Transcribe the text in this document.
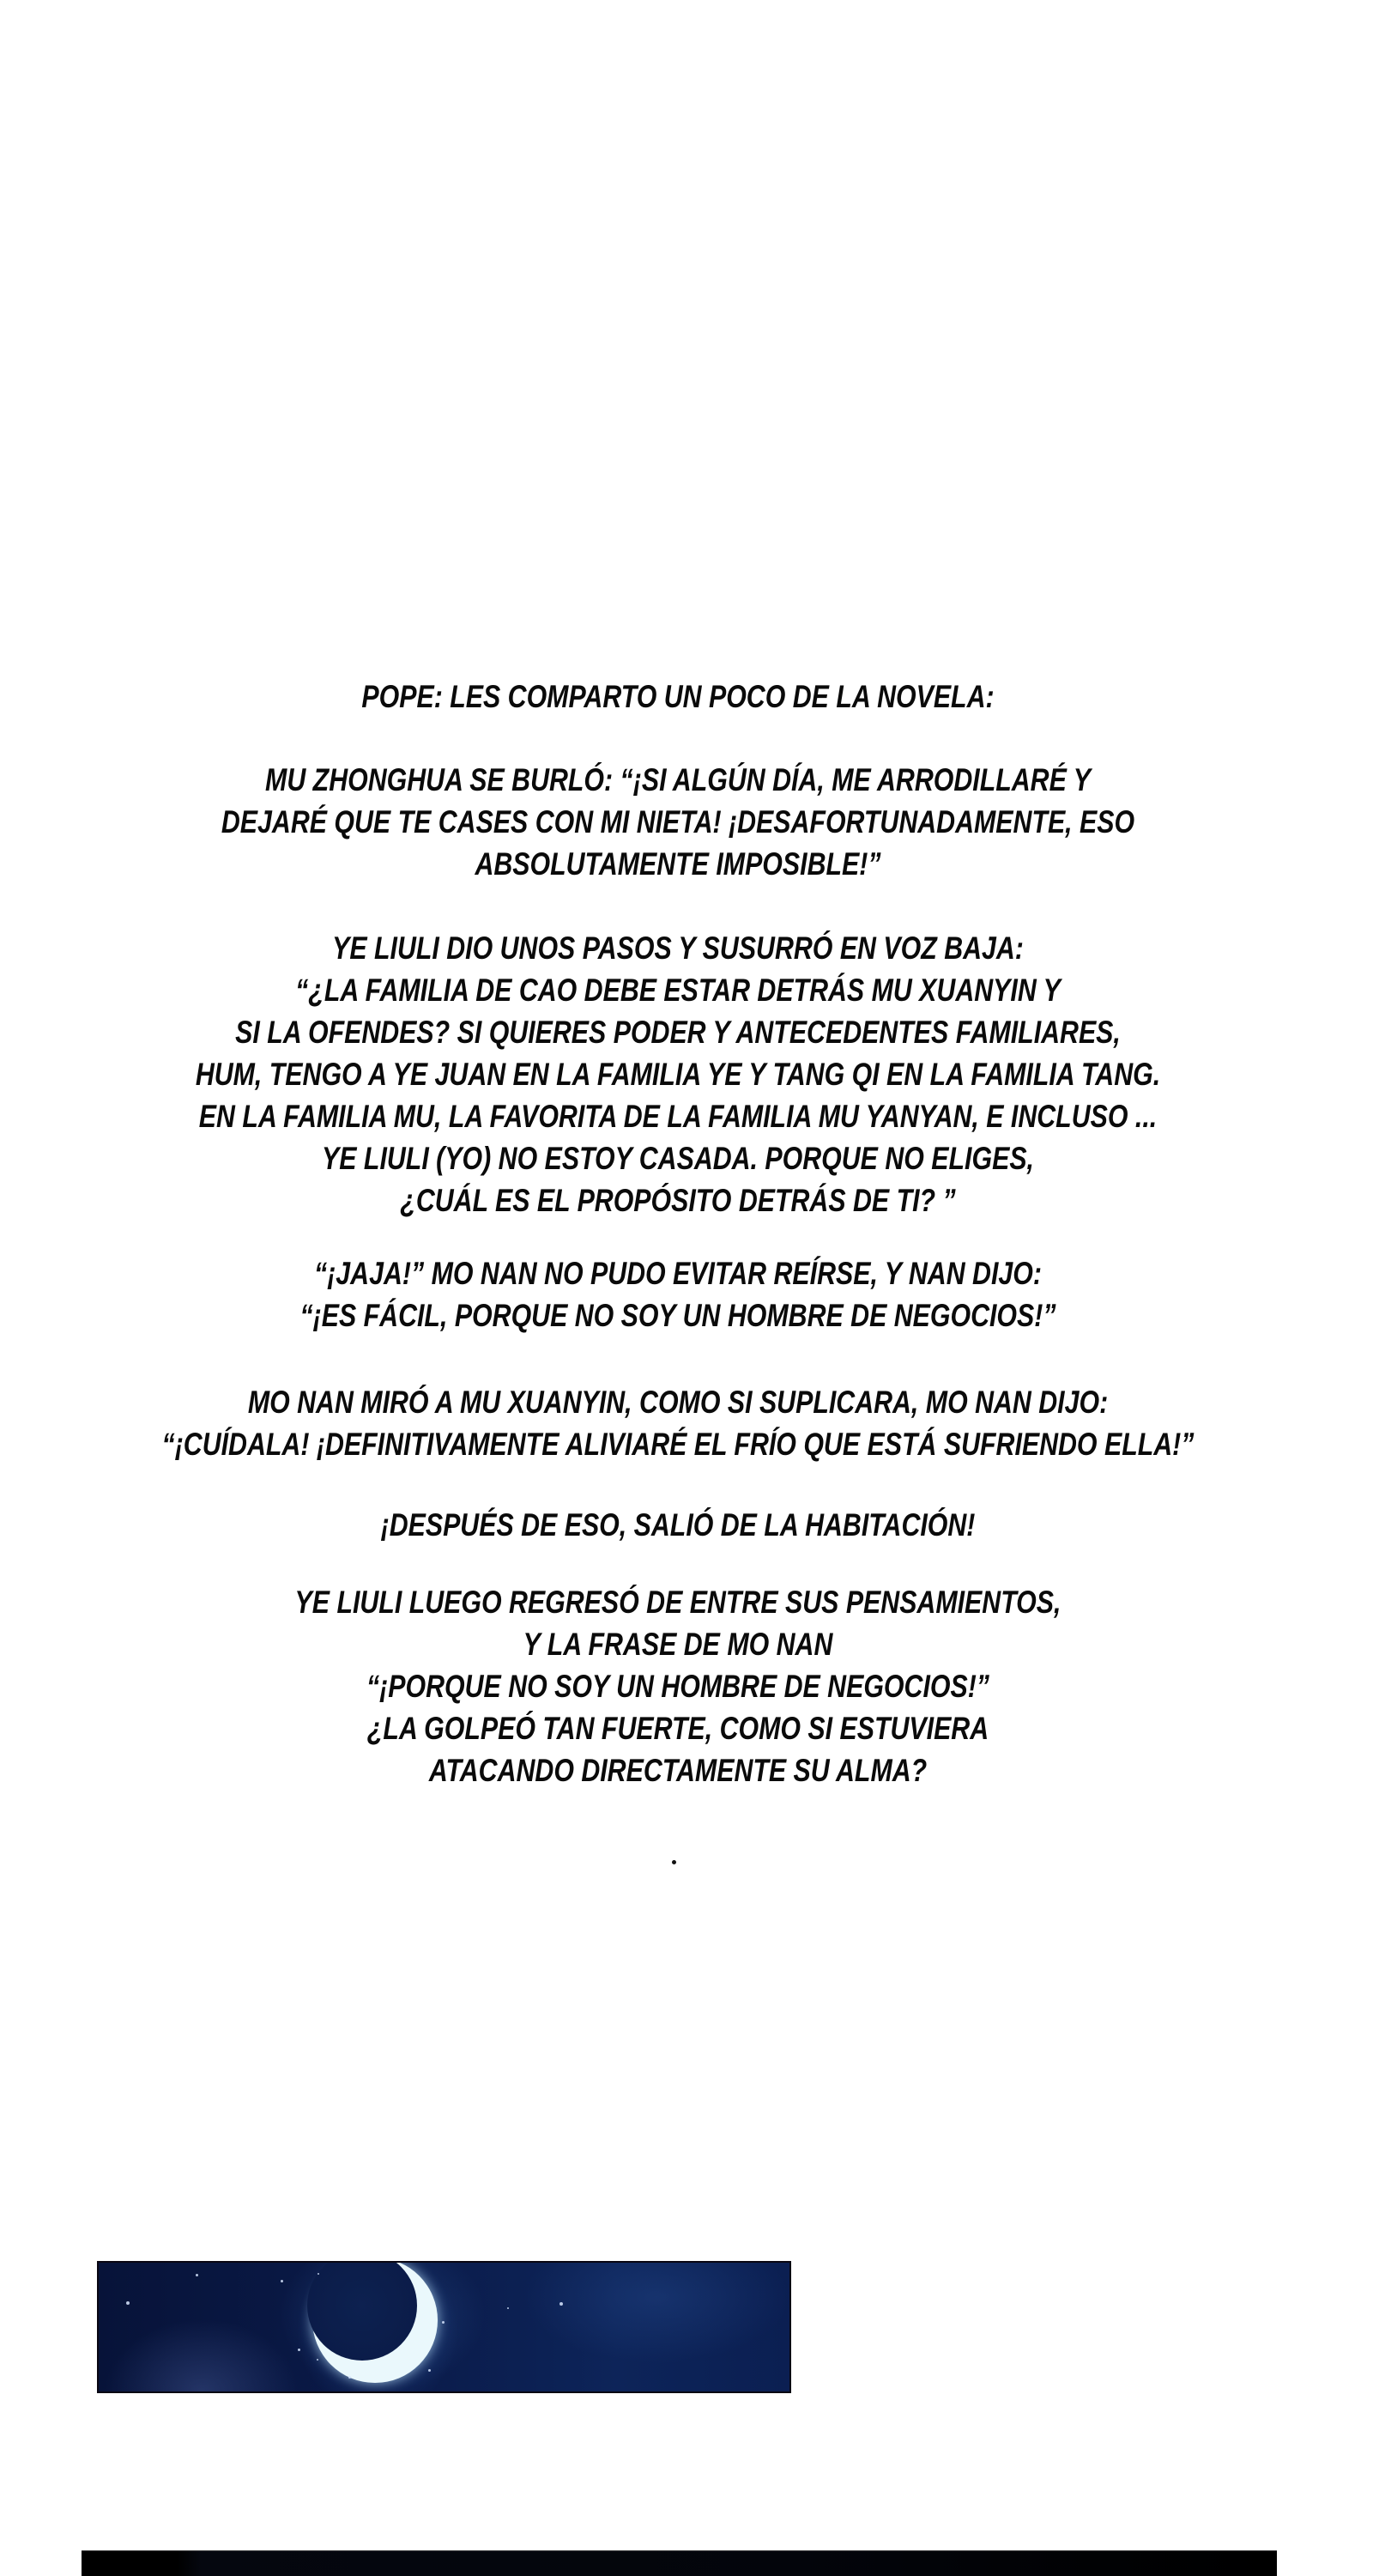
POPE: LES COMPARTO UN POCO DE LA NOVELA:
MU ZHONGHUA SE BURLÓ: “¡SI ALGÚN DÍA, ME ARRODILLARÉ Y
DEJARÉ QUE TE CASES CON MI NIETA! ¡DESAFORTUNADAMENTE, ESO
ABSOLUTAMENTE IMPOSIBLE!”
YE LIULI DIO UNOS PASOS Y SUSURRÓ EN VOZ BAJA:
“¿LA FAMILIA DE CAO DEBE ESTAR DETRÁS MU XUANYIN Y
SI LA OFENDES? SI QUIERES PODER Y ANTECEDENTES FAMILIARES,
HUM, TENGO A YE JUAN EN LA FAMILIA YE Y TANG QI EN LA FAMILIA TANG.
EN LA FAMILIA MU, LA FAVORITA DE LA FAMILIA MU YANYAN, E INCLUSO ...
YE LIULI (YO) NO ESTOY CASADA. PORQUE NO ELIGES,
¿CUÁL ES EL PROPÓSITO DETRÁS DE TI? ”
“¡JAJA!” MO NAN NO PUDO EVITAR REÍRSE, Y NAN DIJO:
“¡ES FÁCIL, PORQUE NO SOY UN HOMBRE DE NEGOCIOS!”
MO NAN MIRÓ A MU XUANYIN, COMO SI SUPLICARA, MO NAN DIJO:
“¡CUÍDALA! ¡DEFINITIVAMENTE ALIVIARÉ EL FRÍO QUE ESTÁ SUFRIENDO ELLA!”
¡DESPUÉS DE ESO, SALIÓ DE LA HABITACIÓN!
YE LIULI LUEGO REGRESÓ DE ENTRE SUS PENSAMIENTOS,
Y LA FRASE DE MO NAN
“¡PORQUE NO SOY UN HOMBRE DE NEGOCIOS!”
¿LA GOLPEÓ TAN FUERTE, COMO SI ESTUVIERA
ATACANDO DIRECTAMENTE SU ALMA?
